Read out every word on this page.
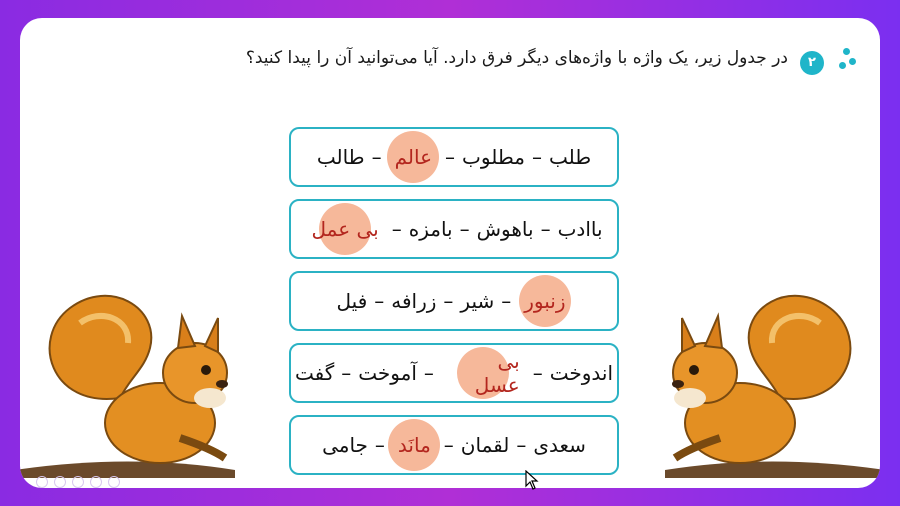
۲
در جدول زیر، یک واژه با واژه‌های دیگر فرق دارد. آیا می‌توانید آن را پیدا کنید؟
طلب
–
مطلوب
–
عالم
–
طالب
باادب
–
باهوش
–
بامزه
–
بی عمل
زنبور
–
شیر
–
زرافه
–
فیل
اندوخت
–
بی عسل
–
آموخت
–
گفت
سعدی
–
لقمان
–
مانَد
–
جامی
